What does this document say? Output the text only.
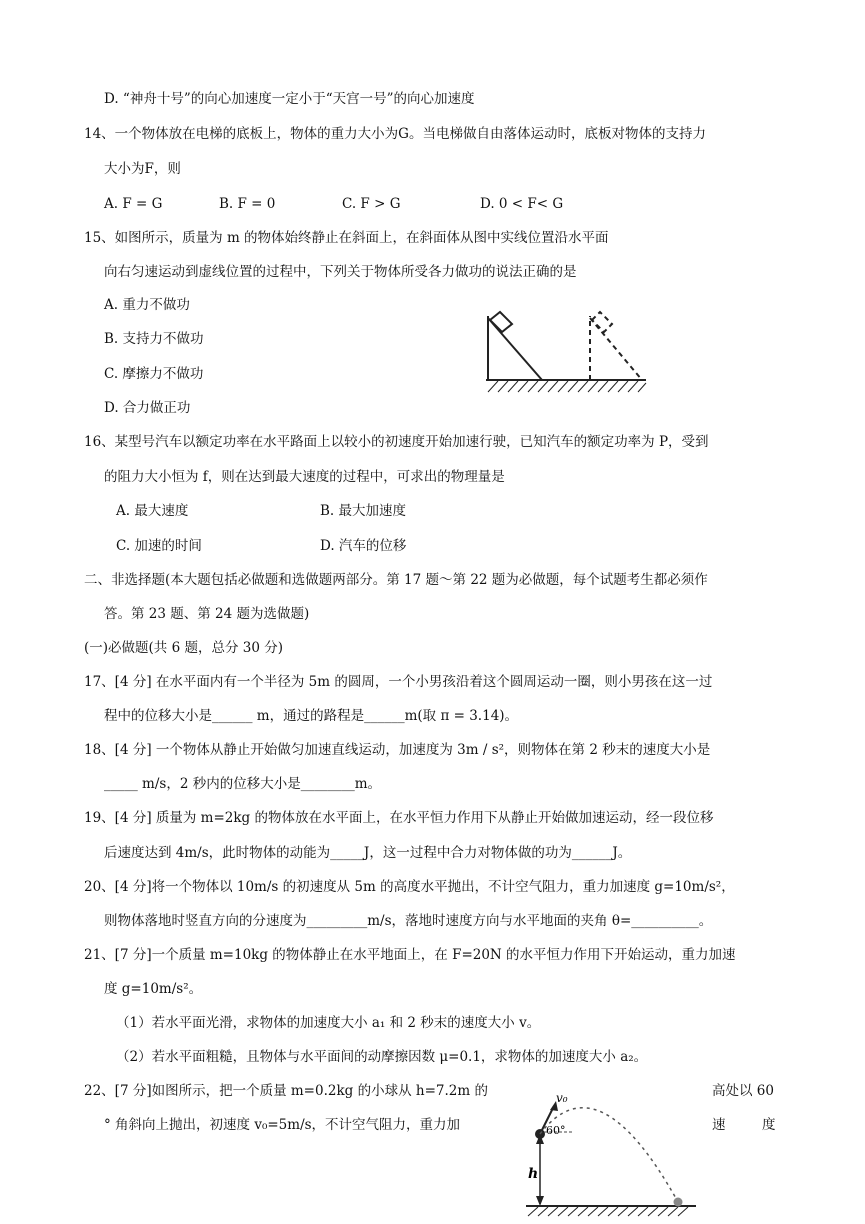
D. “神舟十号”的向心加速度一定小于“天宫一号”的向心加速度
14、一个物体放在电梯的底板上，物体的重力大小为G。当电梯做自由落体运动时，底板对物体的支持力
大小为F，则
A. F = G	B. F = 0	C. F > G	D. 0 < F< G
15、如图所示，质量为 m 的物体始终静止在斜面上，在斜面体从图中实线位置沿水平面
向右匀速运动到虚线位置的过程中，下列关于物体所受各力做功的说法正确的是
A. 重力不做功
B. 支持力不做功
C. 摩擦力不做功
D. 合力做正功
16、某型号汽车以额定功率在水平路面上以较小的初速度开始加速行驶，已知汽车的额定功率为 P，受到
的阻力大小恒为 f，则在达到最大速度的过程中，可求出的物理量是
A. 最大速度	B. 最大加速度
C. 加速的时间	D. 汽车的位移
二、非选择题(本大题包括必做题和选做题两部分。第 17 题～第 22 题为必做题，每个试题考生都必须作
答。第 23 题、第 24 题为选做题)
(一)必做题(共 6 题，总分 30 分)
17、[4 分] 在水平面内有一个半径为 5m 的圆周，一个小男孩沿着这个圆周运动一圈，则小男孩在这一过
程中的位移大小是______ m，通过的路程是______m(取 π = 3.14)。
18、[4 分] 一个物体从静止开始做匀加速直线运动，加速度为 3m / s²，则物体在第 2 秒末的速度大小是
_____ m/s，2 秒内的位移大小是________m。
19、[4 分] 质量为 m=2kg 的物体放在水平面上，在水平恒力作用下从静止开始做加速运动，经一段位移
后速度达到 4m/s，此时物体的动能为_____J，这一过程中合力对物体做的功为______J。
20、[4 分]将一个物体以 10m/s 的初速度从 5m 的高度水平抛出，不计空气阻力，重力加速度 g=10m/s²，
则物体落地时竖直方向的分速度为_________m/s，落地时速度方向与水平地面的夹角 θ=__________。
21、[7 分]一个质量 m=10kg 的物体静止在水平地面上，在 F=20N 的水平恒力作用下开始运动，重力加速
度 g=10m/s²。
（1）若水平面光滑，求物体的加速度大小 a₁ 和 2 秒末的速度大小 v。
（2）若水平面粗糙，且物体与水平面间的动摩擦因数 μ=0.1，求物体的加速度大小 a₂。
22、[7 分]如图所示，把一个质量 m=0.2kg 的小球从 h=7.2m 的	高处以 60
° 角斜向上抛出，初速度 v₀=5m/s，不计空气阻力，重力加	速	度
h
v₀
60°
